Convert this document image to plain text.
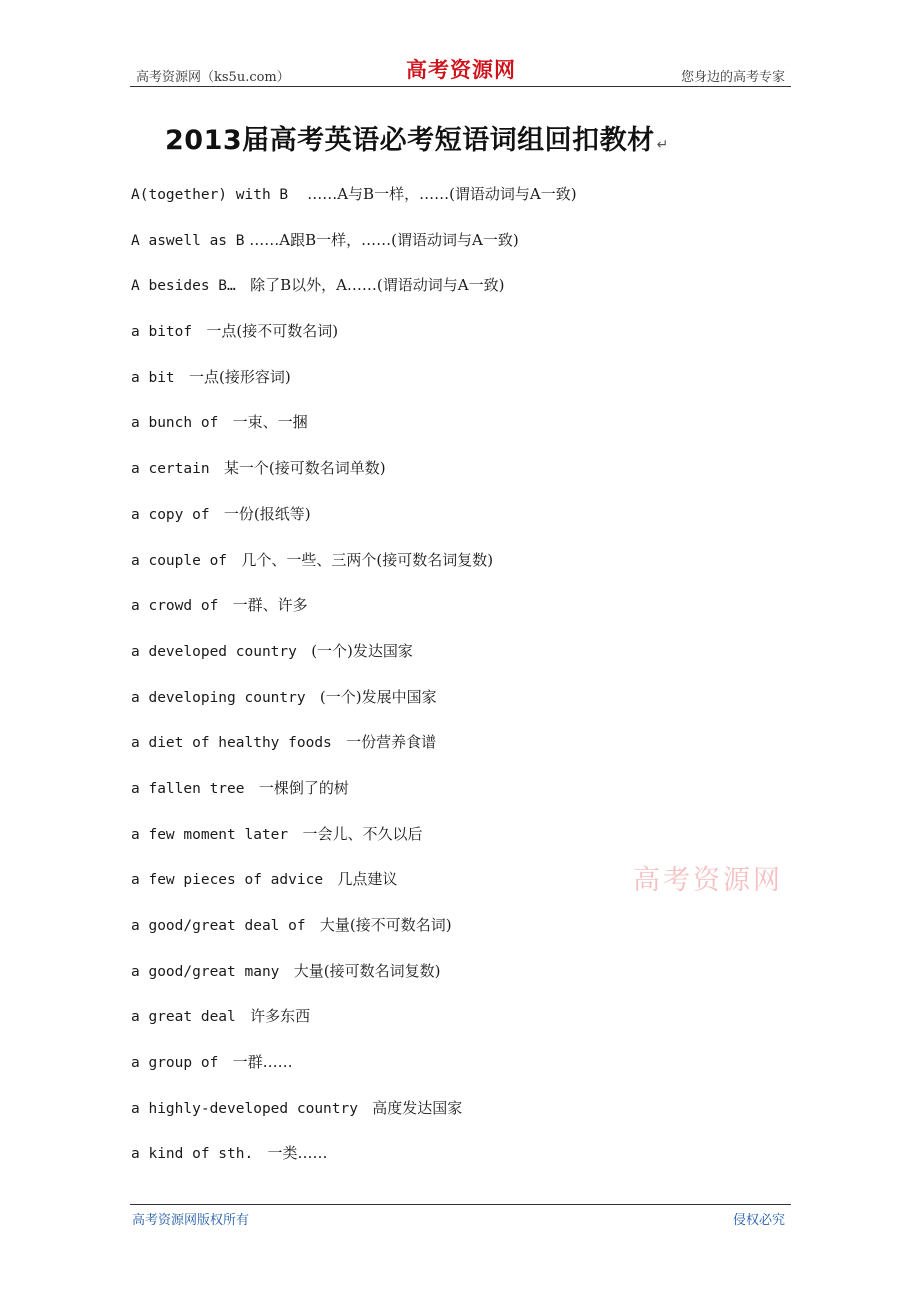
高考资源网（ks5u.com）	高考资源网	您身边的高考专家
2013届高考英语必考短语词组回扣教材 ↵
A(together) with B ……A与B一样，……(谓语动词与A一致)
A aswell as B ……A跟B一样，……(谓语动词与A一致)
A besides B… 除了B以外，A……(谓语动词与A一致)
a bitof 一点(接不可数名词)
a bit 一点(接形容词)
a bunch of 一束、一捆
a certain 某一个(接可数名词单数)
a copy of 一份(报纸等)
a couple of 几个、一些、三两个(接可数名词复数)
a crowd of 一群、许多
a developed country (一个)发达国家
a developing country (一个)发展中国家
a diet of healthy foods 一份营养食谱
a fallen tree 一棵倒了的树
a few moment later 一会儿、不久以后
a few pieces of advice 几点建议
a good/great deal of 大量(接不可数名词)
a good/great many 大量(接可数名词复数)
a great deal 许多东西
a group of 一群……
a highly-developed country 高度发达国家
a kind of sth. 一类……
高考资源网
高考资源网版权所有	侵权必究
